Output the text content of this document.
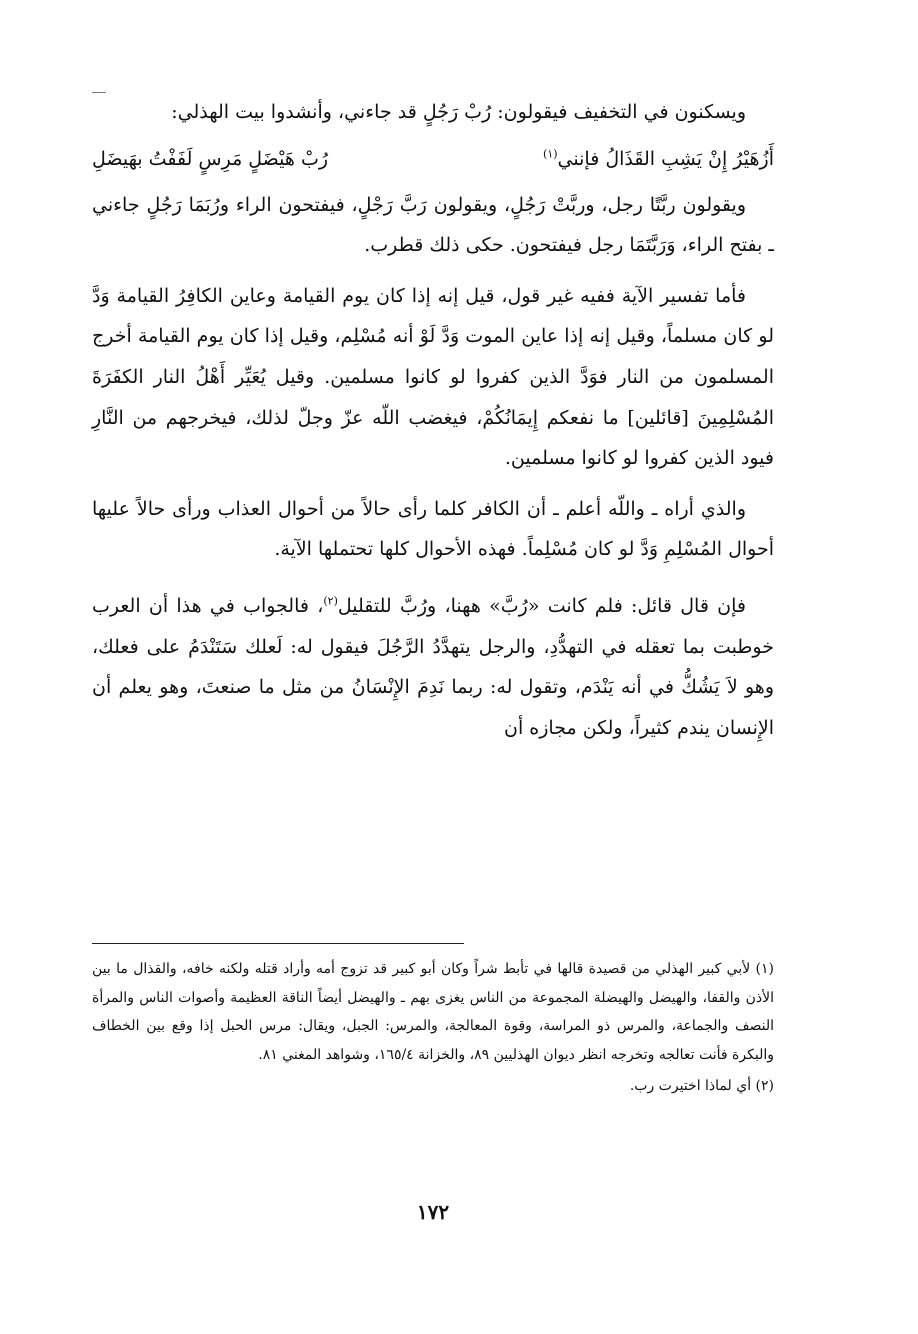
ويسكنون في التخفيف فيقولون: رُبْ رَجُلٍ قد جاءني، وأنشدوا بيت الهذلي:

أَزُهَيْرُ إِنْ يَشِبِ القَذَالُ فإنني$^{(١)}$
رُبْ هَيْضَلٍ مَرِسٍ لَفَفْتُ بهَيضَلِ

ويقولون ربَّتًا رجل، وربَّتْ رَجُلٍ، ويقولون رَبَّ رَجْلٍ، فيفتحون الراء ورُبَمَا رَجُلٍ جاءني ـ بفتح الراء، وَرَبَّتَمَا رجل فيفتحون. حكى ذلك قطرب.

فأما تفسير الآية ففيه غير قول، قيل إنه إذا كان يوم القيامة وعاين الكافِرُ القيامة وَدَّ لو كان مسلماً، وقيل إنه إذا عاين الموت وَدَّ لَوْ أنه مُسْلِم، وقيل إذا كان يوم القيامة أخرج المسلمون من النار فوَدَّ الذين كفروا لو كانوا مسلمين. وقيل يُعَيِّر أَهْلُ النار الكفَرَةَ المُسْلِمِينَ [قائلين] ما نفعكم إِيمَانُكُمْ، فيغضب اللّه عزّ وجلّ لذلك، فيخرجهم من النَّارِ فيود الذين كفروا لو كانوا مسلمين.

والذي أراه ـ واللّه أعلم ـ أن الكافر كلما رأى حالاً من أحوال العذاب ورأى حالاً عليها أحوال المُسْلِمِ وَدَّ لو كان مُسْلِماً. فهذه الأحوال كلها تحتملها الآية.

فإن قال قائل: فلم كانت «رُبَّ» ههنا، ورُبَّ للتقليل$^{(٢)}$، فالجواب في هذا أن العرب خوطبت بما تعقله في التهدُّدِ، والرجل يتهدَّدُ الرَّجُلَ فيقول له: لَعلك سَتَنْدَمُ على فعلك، وهو لاَ يَشُكُّ في أنه يَنْدَم، وتقول له: ربما نَدِمَ الإِنْسَانُ من مثل ما صنعتَ، وهو يعلم أن الإِنسان يندم كثيراً، ولكن مجازه أن

(١) لأبي كبير الهذلي من قصيدة قالها في تأبط شراً وكان أبو كبير قد تزوج أمه وأراد قتله ولكنه خافه، والقذال ما بين الأذن والقفا، والهيضل والهيضلة المجموعة من الناس يغزى بهم ـ والهيضل أيضاً الناقة العظيمة وأصوات الناس والمرأة النصف والجماعة، والمرس ذو المراسة، وقوة المعالجة، والمرس: الجبل، ويقال: مرس الحبل إذا وقع بين الخطاف والبكرة فأنت تعالجه وتخرجه انظر ديوان الهذليين ٨٩، والخزانة ١٦٥/٤، وشواهد المغني ٨١.

(٢) أي لماذا اختيرت رب.

١٧٢
